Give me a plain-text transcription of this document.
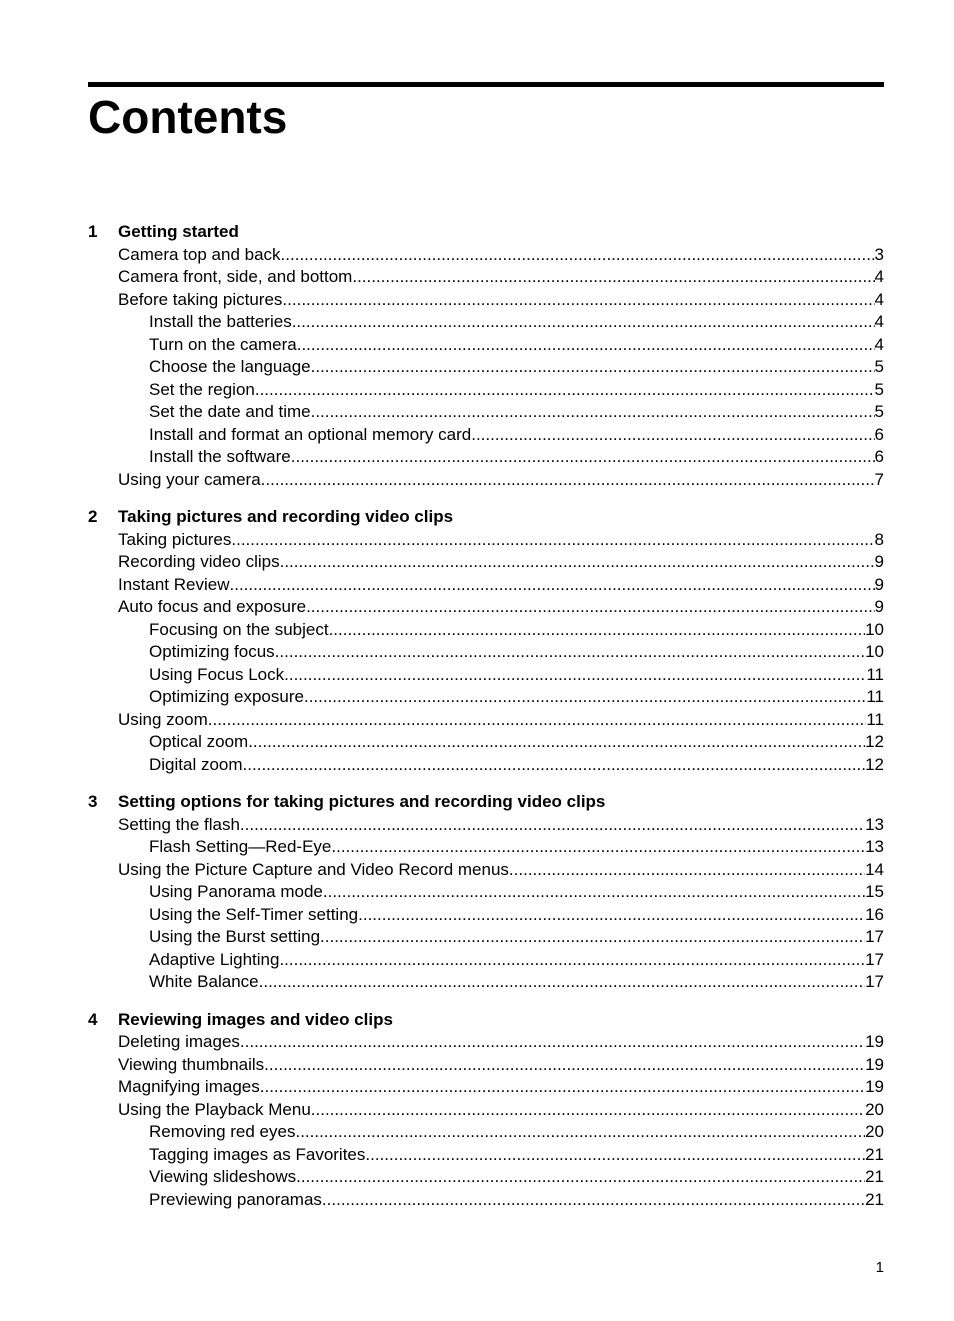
Contents
1	Getting started
Camera top and back .....	3
Camera front, side, and bottom .....	4
Before taking pictures .....	4
Install the batteries .....	4
Turn on the camera .....	4
Choose the language .....	5
Set the region .....	5
Set the date and time .....	5
Install and format an optional memory card .....	6
Install the software .....	6
Using your camera .....	7
2	Taking pictures and recording video clips
Taking pictures .....	8
Recording video clips .....	9
Instant Review .....	9
Auto focus and exposure .....	9
Focusing on the subject .....	10
Optimizing focus .....	10
Using Focus Lock .....	11
Optimizing exposure .....	11
Using zoom .....	11
Optical zoom .....	12
Digital zoom .....	12
3	Setting options for taking pictures and recording video clips
Setting the flash .....	13
Flash Setting—Red-Eye .....	13
Using the Picture Capture and Video Record menus .....	14
Using Panorama mode .....	15
Using the Self-Timer setting .....	16
Using the Burst setting .....	17
Adaptive Lighting .....	17
White Balance .....	17
4	Reviewing images and video clips
Deleting images .....	19
Viewing thumbnails .....	19
Magnifying images .....	19
Using the Playback Menu .....	20
Removing red eyes .....	20
Tagging images as Favorites .....	21
Viewing slideshows .....	21
Previewing panoramas .....	21
1
